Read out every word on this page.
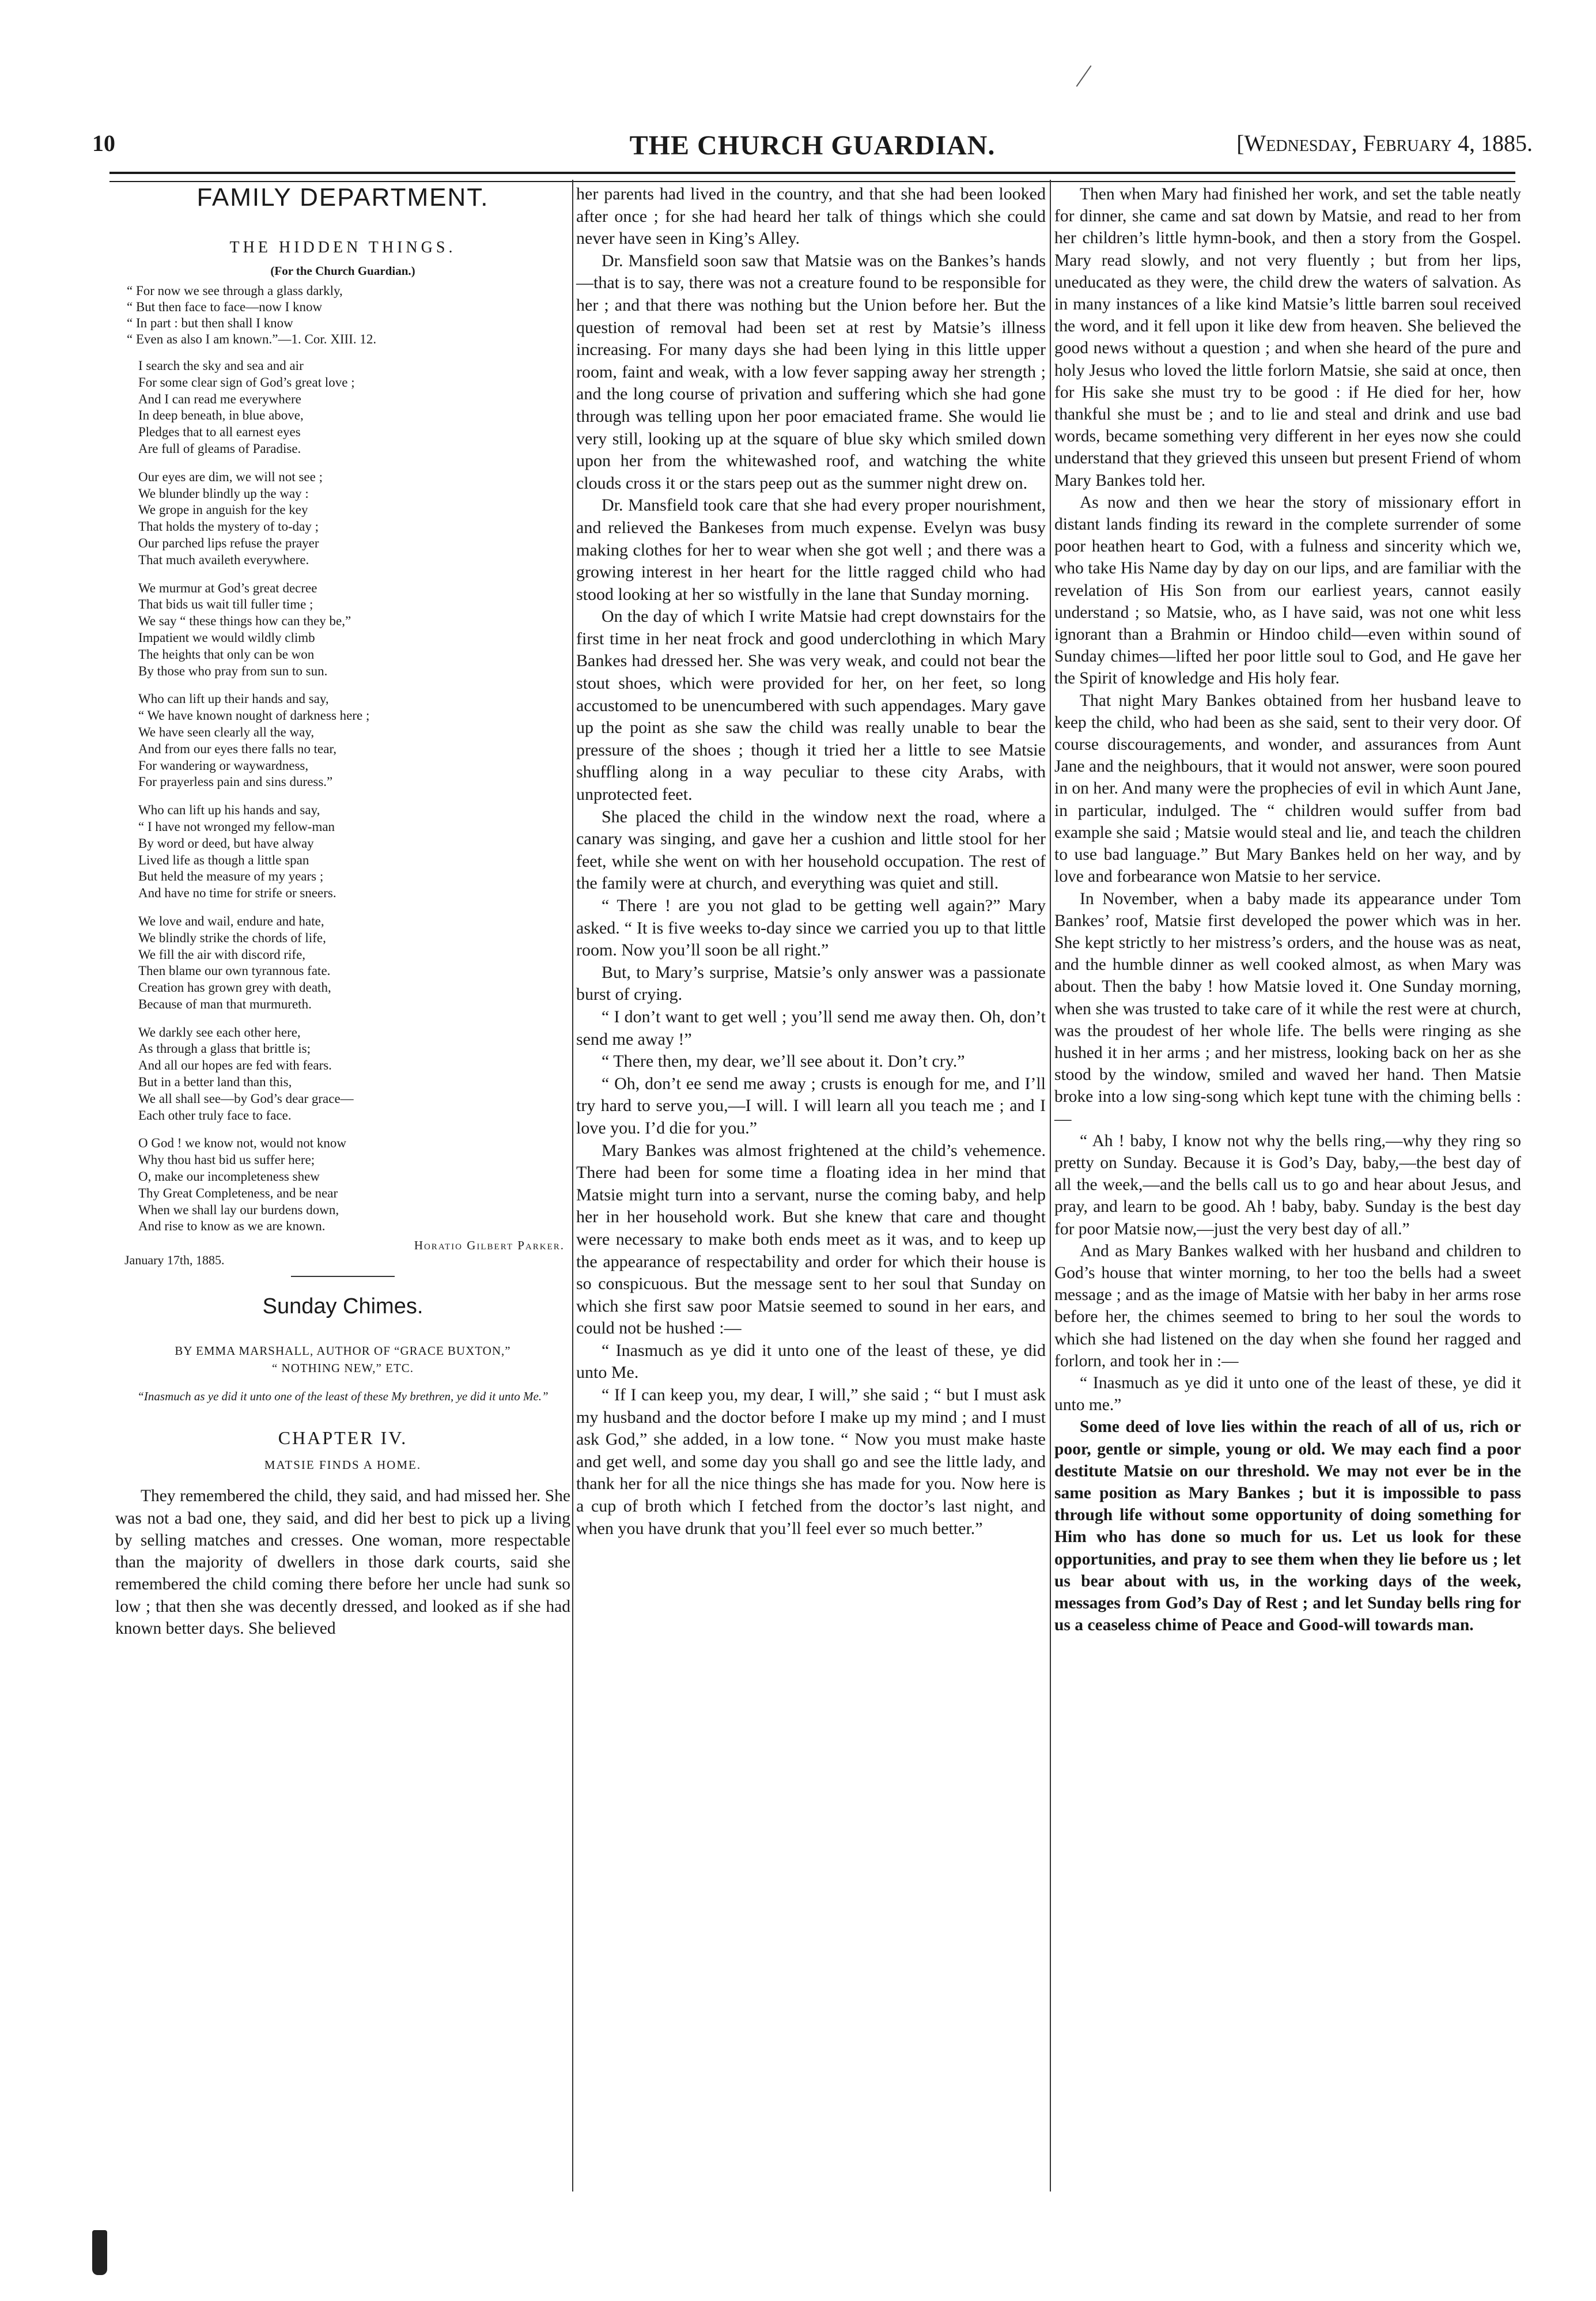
10	THE CHURCH GUARDIAN.	[Wednesday, February 4, 1885.
FAMILY DEPARTMENT.
THE HIDDEN THINGS.
(For the Church Guardian.)
“ For now we see through a glass darkly,
“ But then face to face—now I know
“ In part : but then shall I know
“ Even as also I am known.”—1. Cor. XIII. 12.
I search the sky and sea and air
For some clear sign of God’s great love ;
And I can read me everywhere
In deep beneath, in blue above,
Pledges that to all earnest eyes
Are full of gleams of Paradise.
Our eyes are dim, we will not see ;
We blunder blindly up the way :
We grope in anguish for the key
That holds the mystery of to-day ;
Our parched lips refuse the prayer
That much availeth everywhere.
We murmur at God’s great decree
That bids us wait till fuller time ;
We say “ these things how can they be,”
Impatient we would wildly climb
The heights that only can be won
By those who pray from sun to sun.
Who can lift up their hands and say,
“ We have known nought of darkness here ;
We have seen clearly all the way,
And from our eyes there falls no tear,
For wandering or waywardness,
For prayerless pain and sins duress.”
Who can lift up his hands and say,
“ I have not wronged my fellow-man
By word or deed, but have alway
Lived life as though a little span
But held the measure of my years ;
And have no time for strife or sneers.
We love and wail, endure and hate,
We blindly strike the chords of life,
We fill the air with discord rife,
Then blame our own tyrannous fate.
Creation has grown grey with death,
Because of man that murmureth.
We darkly see each other here,
As through a glass that brittle is;
And all our hopes are fed with fears.
But in a better land than this,
We all shall see—by God’s dear grace—
Each other truly face to face.
O God ! we know not, would not know
Why thou hast bid us suffer here;
O, make our incompleteness shew
Thy Great Completeness, and be near
When we shall lay our burdens down,
And rise to know as we are known.
Horatio Gilbert Parker.
January 17th, 1885.
Sunday Chimes.
BY EMMA MARSHALL, AUTHOR OF “GRACE BUXTON,”
“ NOTHING NEW,” ETC.
“Inasmuch as ye did it unto one of the least of these My brethren, ye did it unto Me.”
CHAPTER IV.
MATSIE FINDS A HOME.

They remembered the child, they said, and had missed her. She was not a bad one, they said, and did her best to pick up a living by selling matches and cresses. One woman, more respectable than the majority of dwellers in those dark courts, said she remembered the child coming there before her uncle had sunk so low ; that then she was decently dressed, and looked as if she had known better days. She believed

her parents had lived in the country, and that she had been looked after once ; for she had heard her talk of things which she could never have seen in King’s Alley.

Dr. Mansfield soon saw that Matsie was on the Bankes’s hands—that is to say, there was not a creature found to be responsible for her ; and that there was nothing but the Union before her. But the question of removal had been set at rest by Matsie’s illness increasing. For many days she had been lying in this little upper room, faint and weak, with a low fever sapping away her strength ; and the long course of privation and suffering which she had gone through was telling upon her poor emaciated frame. She would lie very still, looking up at the square of blue sky which smiled down upon her from the whitewashed roof, and watching the white clouds cross it or the stars peep out as the summer night drew on.

Dr. Mansfield took care that she had every proper nourishment, and relieved the Bankeses from much expense. Evelyn was busy making clothes for her to wear when she got well ; and there was a growing interest in her heart for the little ragged child who had stood looking at her so wistfully in the lane that Sunday morning.

On the day of which I write Matsie had crept downstairs for the first time in her neat frock and good underclothing in which Mary Bankes had dressed her. She was very weak, and could not bear the stout shoes, which were provided for her, on her feet, so long accustomed to be unencumbered with such appendages. Mary gave up the point as she saw the child was really unable to bear the pressure of the shoes ; though it tried her a little to see Matsie shuffling along in a way peculiar to these city Arabs, with unprotected feet.

She placed the child in the window next the road, where a canary was singing, and gave her a cushion and little stool for her feet, while she went on with her household occupation. The rest of the family were at church, and everything was quiet and still.

“ There ! are you not glad to be getting well again?” Mary asked. “ It is five weeks to-day since we carried you up to that little room. Now you’ll soon be all right.”

But, to Mary’s surprise, Matsie’s only answer was a passionate burst of crying.

“ I don’t want to get well ; you’ll send me away then. Oh, don’t send me away !”

“ There then, my dear, we’ll see about it. Don’t cry.”

“ Oh, don’t ee send me away ; crusts is enough for me, and I’ll try hard to serve you,—I will. I will learn all you teach me ; and I love you. I’d die for you.”

Mary Bankes was almost frightened at the child’s vehemence. There had been for some time a floating idea in her mind that Matsie might turn into a servant, nurse the coming baby, and help her in her household work. But she knew that care and thought were necessary to make both ends meet as it was, and to keep up the appearance of respectability and order for which their house is so conspicuous. But the message sent to her soul that Sunday on which she first saw poor Matsie seemed to sound in her ears, and could not be hushed :—

“ Inasmuch as ye did it unto one of the least of these, ye did unto Me.

“ If I can keep you, my dear, I will,” she said ; “ but I must ask my husband and the doctor before I make up my mind ; and I must ask God,” she added, in a low tone. “ Now you must make haste and get well, and some day you shall go and see the little lady, and thank her for all the nice things she has made for you. Now here is a cup of broth which I fetched from the doctor’s last night, and when you have drunk that you’ll feel ever so much better.”

Then when Mary had finished her work, and set the table neatly for dinner, she came and sat down by Matsie, and read to her from her children’s little hymn-book, and then a story from the Gospel. Mary read slowly, and not very fluently ; but from her lips, uneducated as they were, the child drew the waters of salvation. As in many instances of a like kind Matsie’s little barren soul received the word, and it fell upon it like dew from heaven. She believed the good news without a question ; and when she heard of the pure and holy Jesus who loved the little forlorn Matsie, she said at once, then for His sake she must try to be good : if He died for her, how thankful she must be ; and to lie and steal and drink and use bad words, became something very different in her eyes now she could understand that they grieved this unseen but present Friend of whom Mary Bankes told her.

As now and then we hear the story of missionary effort in distant lands finding its reward in the complete surrender of some poor heathen heart to God, with a fulness and sincerity which we, who take His Name day by day on our lips, and are familiar with the revelation of His Son from our earliest years, cannot easily understand ; so Matsie, who, as I have said, was not one whit less ignorant than a Brahmin or Hindoo child—even within sound of Sunday chimes—lifted her poor little soul to God, and He gave her the Spirit of knowledge and His holy fear.

That night Mary Bankes obtained from her husband leave to keep the child, who had been as she said, sent to their very door. Of course discouragements, and wonder, and assurances from Aunt Jane and the neighbours, that it would not answer, were soon poured in on her. And many were the prophecies of evil in which Aunt Jane, in particular, indulged. The “ children would suffer from bad example she said ; Matsie would steal and lie, and teach the children to use bad language.” But Mary Bankes held on her way, and by love and forbearance won Matsie to her service.

In November, when a baby made its appearance under Tom Bankes’ roof, Matsie first developed the power which was in her. She kept strictly to her mistress’s orders, and the house was as neat, and the humble dinner as well cooked almost, as when Mary was about. Then the baby ! how Matsie loved it. One Sunday morning, when she was trusted to take care of it while the rest were at church, was the proudest of her whole life. The bells were ringing as she hushed it in her arms ; and her mistress, looking back on her as she stood by the window, smiled and waved her hand. Then Matsie broke into a low sing-song which kept tune with the chiming bells :—

“ Ah ! baby, I know not why the bells ring,—why they ring so pretty on Sunday. Because it is God’s Day, baby,—the best day of all the week,—and the bells call us to go and hear about Jesus, and pray, and learn to be good. Ah ! baby, baby. Sunday is the best day for poor Matsie now,—just the very best day of all.”

And as Mary Bankes walked with her husband and children to God’s house that winter morning, to her too the bells had a sweet message ; and as the image of Matsie with her baby in her arms rose before her, the chimes seemed to bring to her soul the words to which she had listened on the day when she found her ragged and forlorn, and took her in :—

“ Inasmuch as ye did it unto one of the least of these, ye did it unto me.”

Some deed of love lies within the reach of all of us, rich or poor, gentle or simple, young or old. We may each find a poor destitute Matsie on our threshold. We may not ever be in the same position as Mary Bankes ; but it is impossible to pass through life without some opportunity of doing something for Him who has done so much for us. Let us look for these opportunities, and pray to see them when they lie before us ; let us bear about with us, in the working days of the week, messages from God’s Day of Rest ; and let Sunday bells ring for us a ceaseless chime of Peace and Good-will towards man.
